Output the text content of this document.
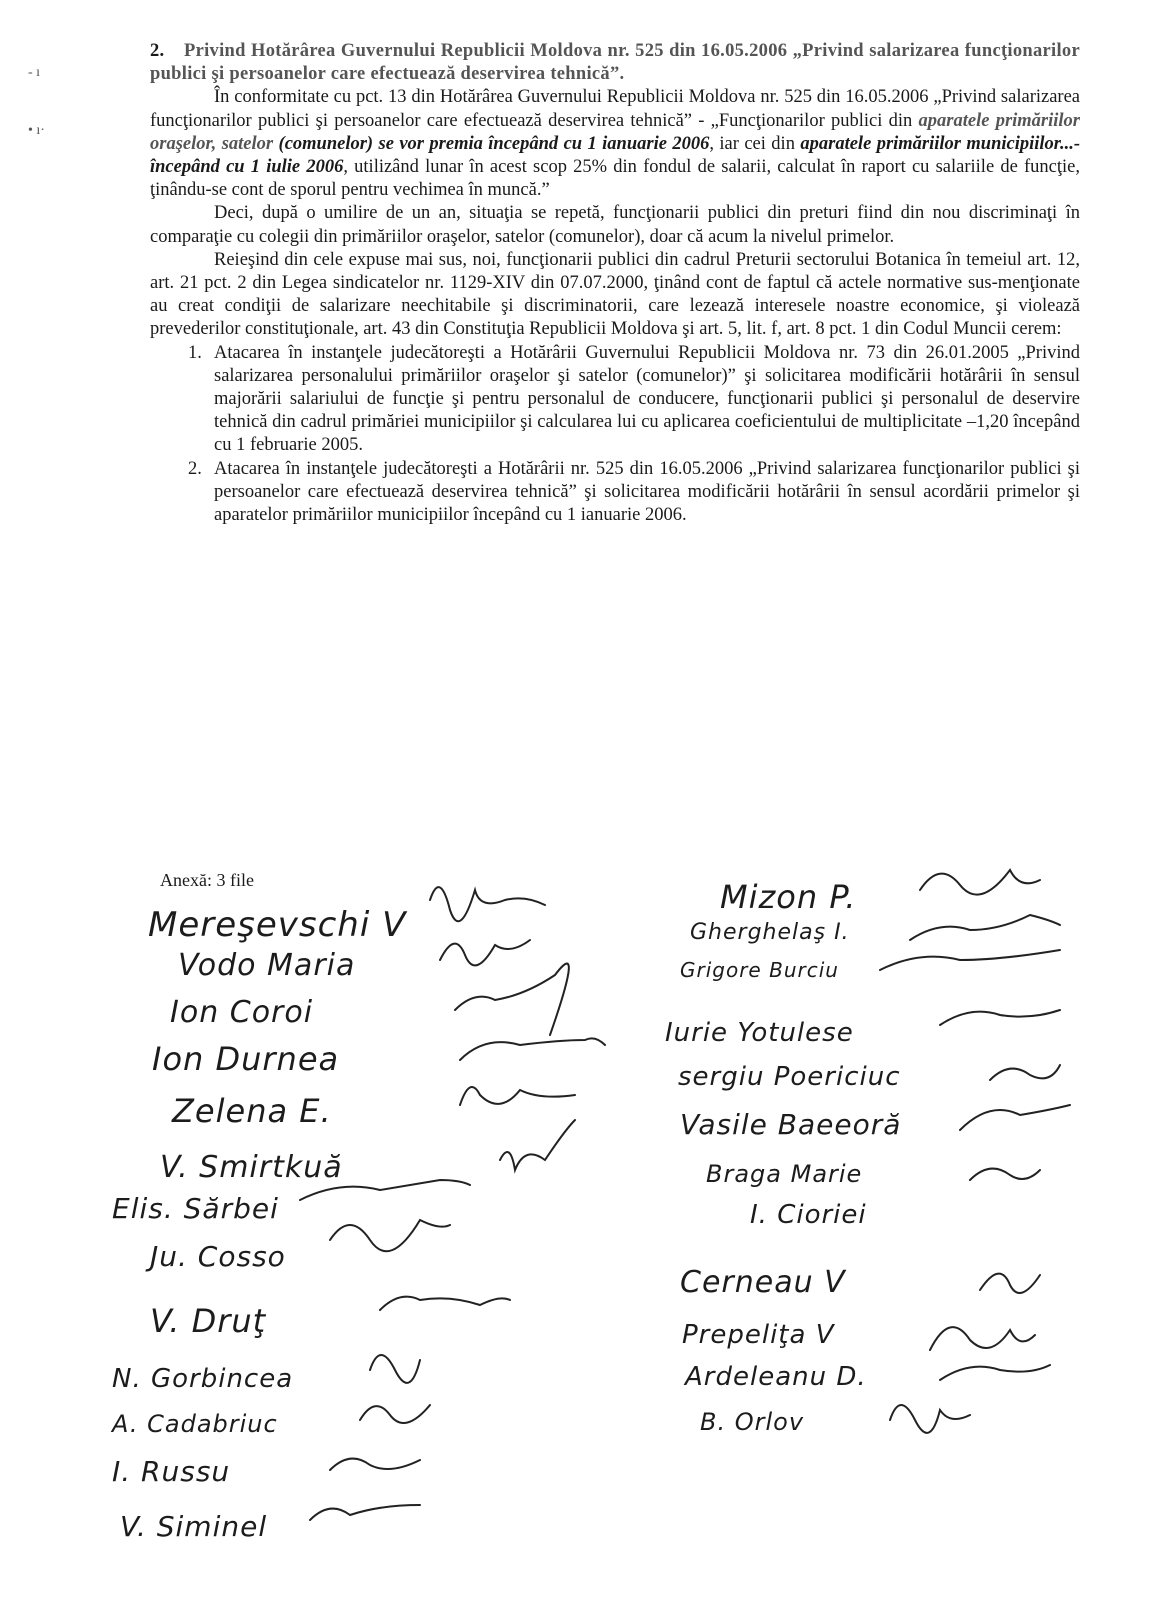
- ı
• ı·

2. Privind Hotărârea Guvernului Republicii Moldova nr. 525 din 16.05.2006 „Privind salarizarea funcţionarilor publici şi persoanelor care efectuează deservirea tehnică”.

În conformitate cu pct. 13 din Hotărârea Guvernului Republicii Moldova nr. 525 din 16.05.2006 „Privind salarizarea funcţionarilor publici şi persoanelor care efectuează deservirea tehnică” - „Funcţionarilor publici din aparatele primăriilor oraşelor, satelor (comunelor) se vor premia începând cu 1 ianuarie 2006, iar cei din aparatele primăriilor municipiilor...- începând cu 1 iulie 2006, utilizând lunar în acest scop 25% din fondul de salarii, calculat în raport cu salariile de funcţie, ţinându-se cont de sporul pentru vechimea în muncă.”

Deci, după o umilire de un an, situaţia se repetă, funcţionarii publici din preturi fiind din nou discriminaţi în comparaţie cu colegii din primăriilor oraşelor, satelor (comunelor), doar că acum la nivelul primelor.

Reieşind din cele expuse mai sus, noi, funcţionarii publici din cadrul Preturii sectorului Botanica în temeiul art. 12, art. 21 pct. 2 din Legea sindicatelor nr. 1129-XIV din 07.07.2000, ţinând cont de faptul că actele normative sus-menţionate au creat condiţii de salarizare neechitabile şi discriminatorii, care lezează interesele noastre economice, şi violează prevederilor constituţionale, art. 43 din Constituţia Republicii Moldova şi art. 5, lit. f, art. 8 pct. 1 din Codul Muncii cerem:

1. Atacarea în instanţele judecătoreşti a Hotărârii Guvernului Republicii Moldova nr. 73 din 26.01.2005 „Privind salarizarea personalului primăriilor oraşelor şi satelor (comunelor)” şi solicitarea modificării hotărârii în sensul majorării salariului de funcţie şi pentru personalul de conducere, funcţionarii publici şi personalul de deservire tehnică din cadrul primăriei municipiilor şi calcularea lui cu aplicarea coeficientului de multiplicitate –1,20 începând cu 1 februarie 2005.
2. Atacarea în instanţele judecătoreşti a Hotărârii nr. 525 din 16.05.2006 „Privind salarizarea funcţionarilor publici şi persoanelor care efectuează deservirea tehnică” şi solicitarea modificării hotărârii în sensul acordării primelor şi aparatelor primăriilor municipiilor începând cu 1 ianuarie 2006.
Anexă: 3 file
Mereşevschi V
Vodo Maria
Ion Coroi
Ion Durnea
Zelena E.
V. Smirtkuă
Elis. Sărbei
Ju. Cosso
V. Druţ
N. Gorbincea
A. Cadabriuc
I. Russu
V. Siminel
Mizon P.
Gherghelaş I.
Grigore Burciu
Iurie Yotulese
sergiu Poericiuc
Vasile Baeeoră
Braga Marie
I. Cioriei
Cerneau V
Prepeliţa V
Ardeleanu D.
B. Orlov
